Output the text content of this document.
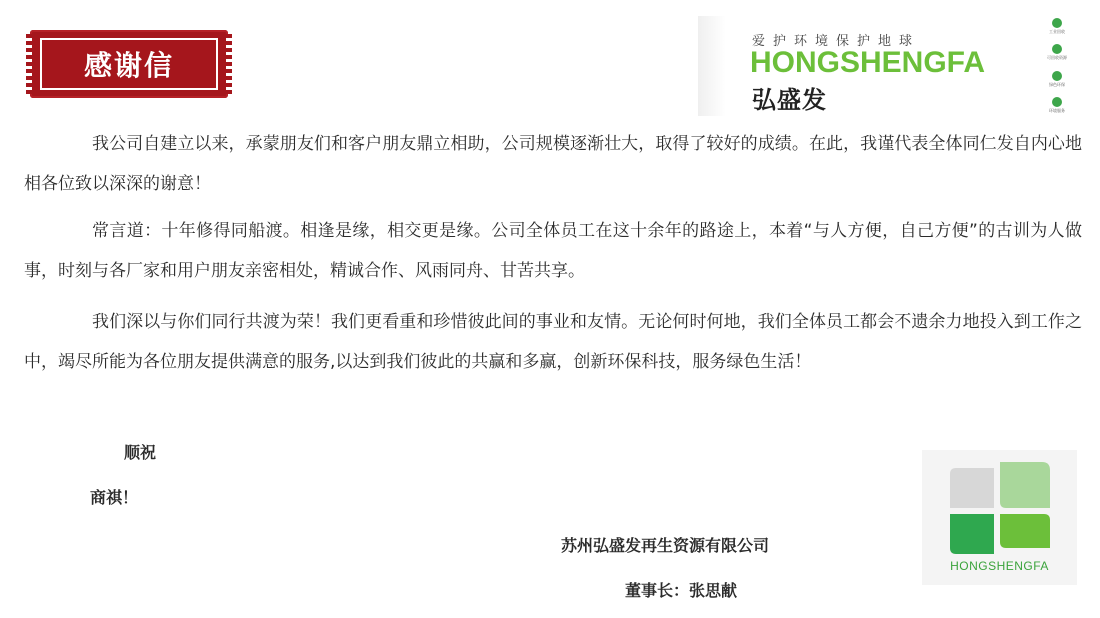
感谢信
爱护环境保护地球
HONGSHENGFA
弘盛发
工业回收
可回收资源
绿色环保
环境服务

我公司自建立以来，承蒙朋友们和客户朋友鼎立相助，公司规模逐渐壮大，取得了较好的成绩。在此，我谨代表全体同仁发自内心地相各位致以深深的谢意！

常言道：十年修得同船渡。相逢是缘，相交更是缘。公司全体员工在这十余年的路途上，本着“与人方便，自己方便”的古训为人做事，时刻与各厂家和用户朋友亲密相处，精诚合作、风雨同舟、甘苦共享。

我们深以与你们同行共渡为荣！我们更看重和珍惜彼此间的事业和友情。无论何时何地，我们全体员工都会不遗余力地投入到工作之中，竭尽所能为各位朋友提供满意的服务,以达到我们彼此的共赢和多赢，创新环保科技，服务绿色生活！

顺祝
商祺！
苏州弘盛发再生资源有限公司
董事长：张思献
HONGSHENGFA
